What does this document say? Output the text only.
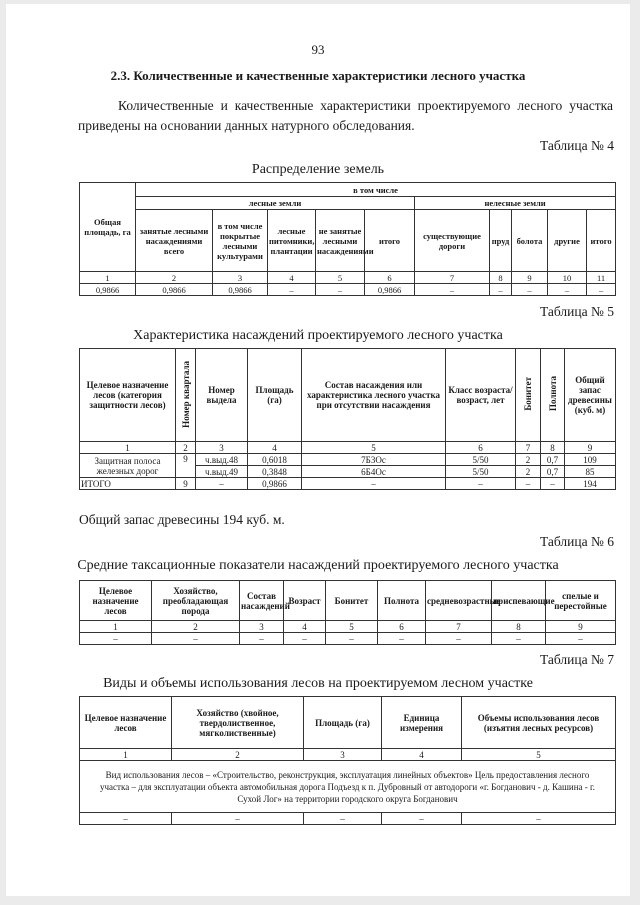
93
2.3. Количественные и качественные характеристики лесного участка
Количественные и качественные характеристики проектируемого лесного участка приведены на основании данных натурного обследования.
Таблица № 4
Распределение земель
Общая площадь, га	в том числе									
	лесные земли					нелесные земли				
	занятые лесными насаждениями всего	в том числе покрытые лесными культурами	лесные питомники, плантации	не занятые лесными насаждениями	итого	существующие дороги	пруд	болота	другие	итого
1	2	3	4	5	6	7	8	9	10	11
0,9866	0,9866	0,9866	–	–	0,9866	–	–	–	–	–
Таблица № 5
Характеристика насаждений проектируемого лесного участка
Целевое назначение лесов (категория защитности лесов)	Номер квартала	Номер выдела	Площадь (га)	Состав насаждения или характеристика лесного участка при отсутствии насаждения	Класс возраста/ возраст, лет	Бонитет	Полнота	Общий запас древесины (куб. м)
1	2	3	4	5	6	7	8	9
Защитная полоса железных дорог	9	ч.выд.48	0,6018	7Б3Ос	5/50	2	0,7	109
		ч.выд.49	0,3848	6Б4Ос	5/50	2	0,7	85
ИТОГО	9	–	0,9866	–	–	–	–	194
Общий запас древесины 194 куб. м.
Таблица № 6
Средние таксационные показатели насаждений проектируемого лесного участка
Целевое назначение лесов	Хозяйство, преобладающая порода	Состав насаждений	Возраст	Бонитет	Полнота	средневозрастные	приспевающие	спелые и перестойные
1	2	3	4	5	6	7	8	9
–	–	–	–	–	–	–	–	–
Таблица № 7
Виды и объемы использования лесов на проектируемом лесном участке
Целевое назначение лесов	Хозяйство (хвойное, твердолиственное, мягколиственные)	Площадь (га)	Единица измерения	Объемы использования лесов (изъятия лесных ресурсов)
1	2	3	4	5
Вид использования лесов – «Строительство, реконструкция, эксплуатация линейных объектов» Цель предоставления лесного участка – для эксплуатации объекта автомобильная дорога Подъезд к п. Дубровный от автодороги «г. Богданович - д. Кашина - г. Сухой Лог» на территории городского округа Богданович				
–	–	–	–	–
